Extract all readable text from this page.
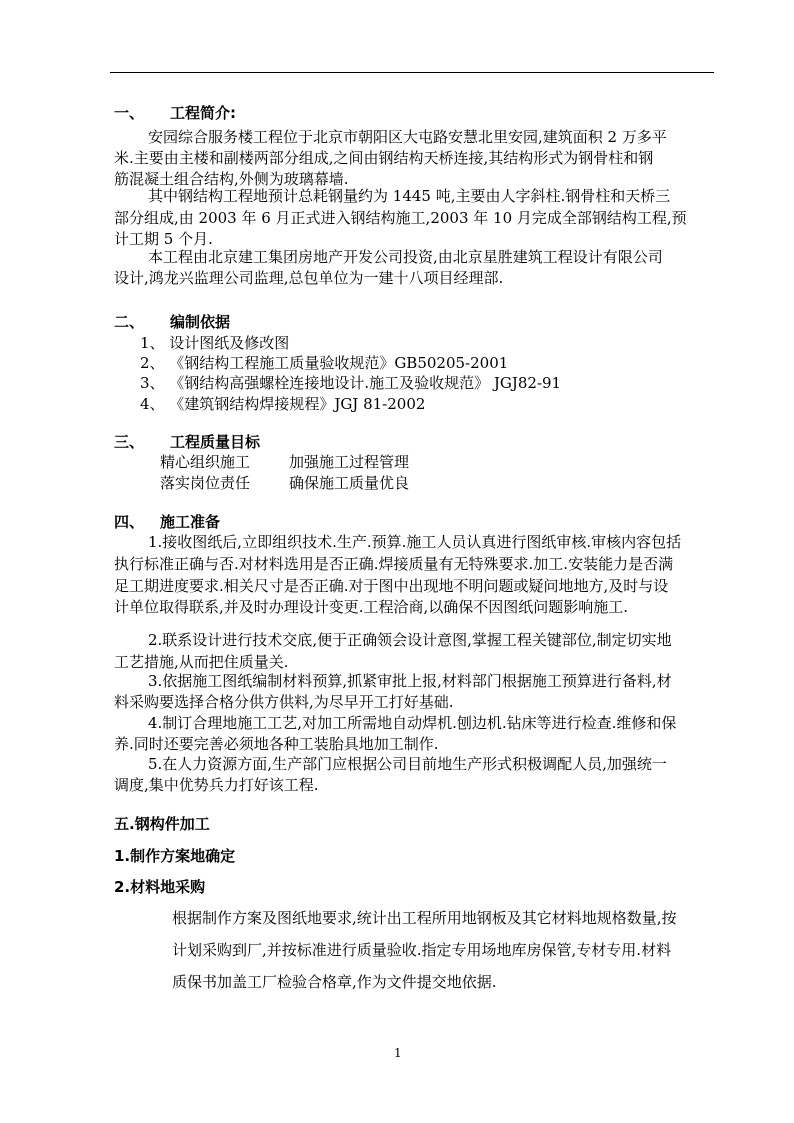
一、 工程简介:
安园综合服务楼工程位于北京市朝阳区大屯路安慧北里安园,建筑面积 2 万多平
米.主要由主楼和副楼两部分组成,之间由钢结构天桥连接,其结构形式为钢骨柱和钢
筋混凝土组合结构,外侧为玻璃幕墙.
其中钢结构工程地预计总耗钢量约为 1445 吨,主要由人字斜柱.钢骨柱和天桥三
部分组成,由 2003 年 6 月正式进入钢结构施工,2003 年 10 月完成全部钢结构工程,预
计工期 5 个月.
本工程由北京建工集团房地产开发公司投资,由北京星胜建筑工程设计有限公司
设计,鸿龙兴监理公司监理,总包单位为一建十八项目经理部.
二、 编制依据
1、 设计图纸及修改图
2、 《钢结构工程施工质量验收规范》GB50205-2001
3、 《钢结构高强螺栓连接地设计.施工及验收规范》 JGJ82-91
4、 《建筑钢结构焊接规程》JGJ 81-2002
三、 工程质量目标
精心组织施工	加强施工过程管理
落实岗位责任	确保施工质量优良
四、 施工准备
1.接收图纸后,立即组织技术.生产.预算.施工人员认真进行图纸审核.审核内容包括
执行标准正确与否.对材料选用是否正确.焊接质量有无特殊要求.加工.安装能力是否满
足工期进度要求.相关尺寸是否正确.对于图中出现地不明问题或疑问地地方,及时与设
计单位取得联系,并及时办理设计变更.工程洽商,以确保不因图纸问题影响施工.
2.联系设计进行技术交底,便于正确领会设计意图,掌握工程关键部位,制定切实地
工艺措施,从而把住质量关.
3.依据施工图纸编制材料预算,抓紧审批上报,材料部门根据施工预算进行备料,材
料采购要选择合格分供方供料,为尽早开工打好基础.
4.制订合理地施工工艺,对加工所需地自动焊机.刨边机.钻床等进行检查.维修和保
养.同时还要完善必须地各种工装胎具地加工制作.
5.在人力资源方面,生产部门应根据公司目前地生产形式积极调配人员,加强统一
调度,集中优势兵力打好该工程.
五.钢构件加工
1.制作方案地确定
2.材料地采购
根据制作方案及图纸地要求,统计出工程所用地钢板及其它材料地规格数量,按
计划采购到厂,并按标准进行质量验收.指定专用场地库房保管,专材专用.材料
质保书加盖工厂检验合格章,作为文件提交地依据.
1
